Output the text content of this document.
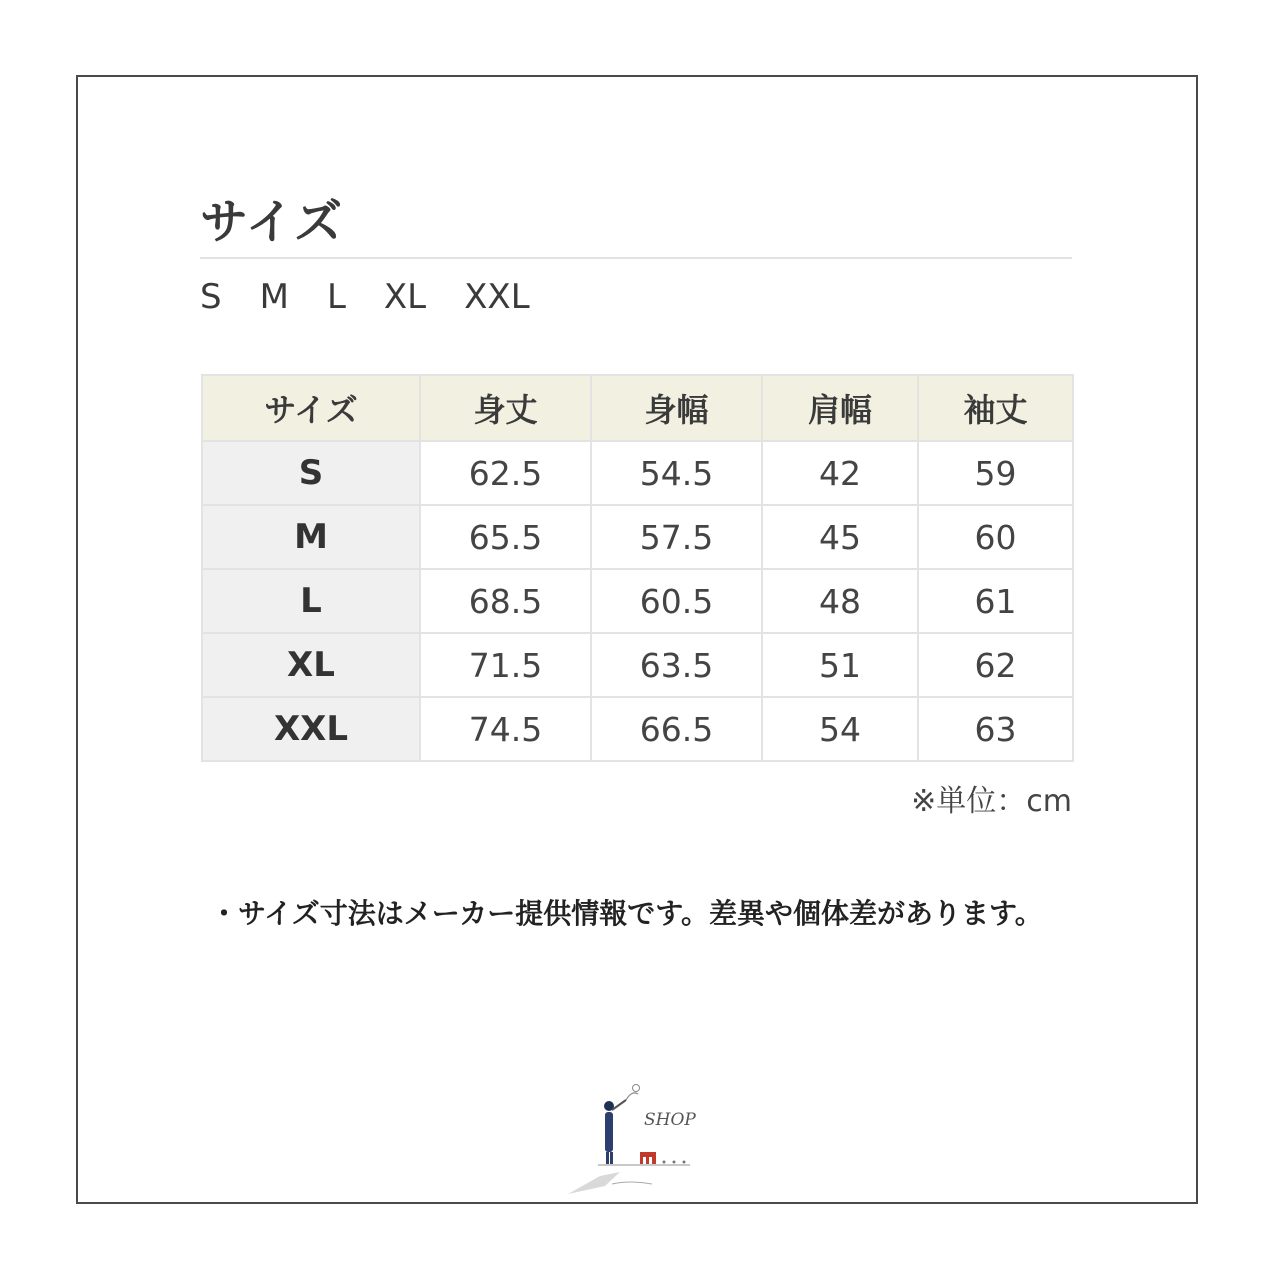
サイズ
S M L XL XXL
サイズ	身丈	身幅	肩幅	袖丈
S	62.5	54.5	42	59
M	65.5	57.5	45	60
L	68.5	60.5	48	61
XL	71.5	63.5	51	62
XXL	74.5	66.5	54	63
※単位：cm
・サイズ寸法はメーカー提供情報です。差異や個体差があります。
SHOP
